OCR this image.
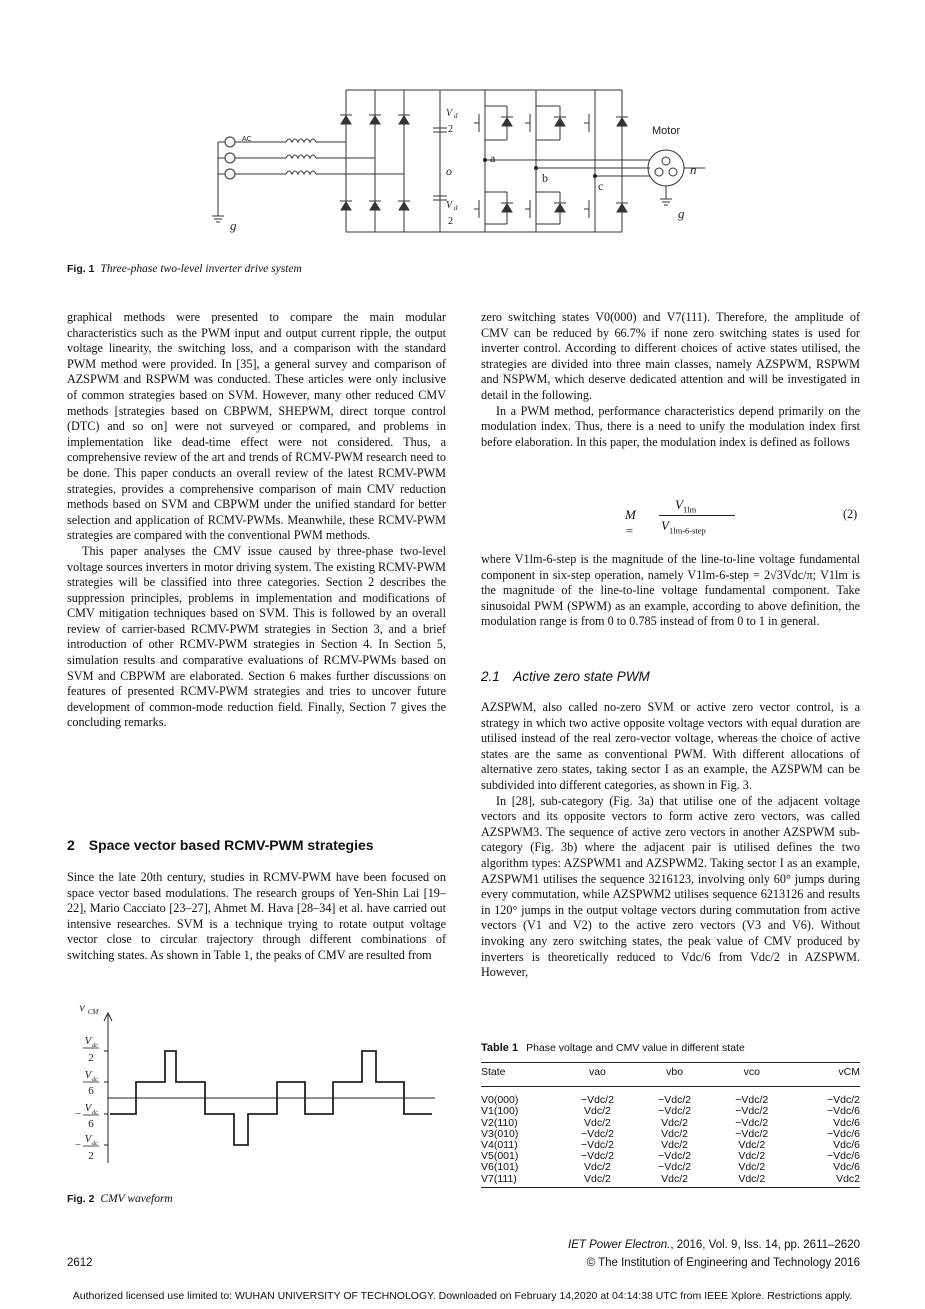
AC
g
o
a
b
c
n
Motor
g
V d
2
V d
2
Fig. 1 Three-phase two-level inverter drive system

graphical methods were presented to compare the main modular characteristics such as the PWM input and output current ripple, the output voltage linearity, the switching loss, and a comparison with the standard PWM method were provided. In [35], a general survey and comparison of AZSPWM and RSPWM was conducted. These articles were only inclusive of common strategies based on SVM. However, many other reduced CMV methods [strategies based on CBPWM, SHEPWM, direct torque control (DTC) and so on] were not surveyed or compared, and problems in implementation like dead-time effect were not considered. Thus, a comprehensive review of the art and trends of RCMV-PWM research need to be done. This paper conducts an overall review of the latest RCMV-PWM strategies, provides a comprehensive comparison of main CMV reduction methods based on SVM and CBPWM under the unified standard for better selection and application of RCMV-PWMs. Meanwhile, these RCMV-PWM strategies are compared with the conventional PWM methods.

This paper analyses the CMV issue caused by three-phase two-level voltage sources inverters in motor driving system. The existing RCMV-PWM strategies will be classified into three categories. Section 2 describes the suppression principles, problems in implementation and modifications of CMV mitigation techniques based on SVM. This is followed by an overall review of carrier-based RCMV-PWM strategies in Section 3, and a brief introduction of other RCMV-PWM strategies in Section 4. In Section 5, simulation results and comparative evaluations of RCMV-PWMs based on SVM and CBPWM are elaborated. Section 6 makes further discussions on features of presented RCMV-PWM strategies and tries to uncover future development of common-mode reduction field. Finally, Section 7 gives the concluding remarks.

2 Space vector based RCMV-PWM strategies

Since the late 20th century, studies in RCMV-PWM have been focused on space vector based modulations. The research groups of Yen-Shin Lai [19–22], Mario Cacciato [23–27], Ahmet M. Hava [28–34] et al. have carried out intensive researches. SVM is a technique trying to rotate output voltage vector close to circular trajectory through different combinations of switching states. As shown in Table 1, the peaks of CMV are resulted from

v CM
V dc
2
V dc
6
− V dc
6
− V dc
2
Fig. 2 CMV waveform

zero switching states V0(000) and V7(111). Therefore, the amplitude of CMV can be reduced by 66.7% if none zero switching states is used for inverter control. According to different choices of active states utilised, the strategies are divided into three main classes, namely AZSPWM, RSPWM and NSPWM, which deserve dedicated attention and will be investigated in detail in the following.

In a PWM method, performance characteristics depend primarily on the modulation index. Thus, there is a need to unify the modulation index first before elaboration. In this paper, the modulation index is defined as follows

M =
$V_{1lm}$
$V_{1lm-6-step}$
(2)

where V1lm-6-step is the magnitude of the line-to-line voltage fundamental component in six-step operation, namely V1lm-6-step = 2√3Vdc/π; V1lm is the magnitude of the line-to-line voltage fundamental component. Take sinusoidal PWM (SPWM) as an example, according to above definition, the modulation range is from 0 to 0.785 instead of from 0 to 1 in general.

2.1 Active zero state PWM

AZSPWM, also called no-zero SVM or active zero vector control, is a strategy in which two active opposite voltage vectors with equal duration are utilised instead of the real zero-vector voltage, whereas the choice of active states are the same as conventional PWM. With different allocations of alternative zero states, taking sector I as an example, the AZSPWM can be subdivided into different categories, as shown in Fig. 3.

In [28], sub-category (Fig. 3a) that utilise one of the adjacent voltage vectors and its opposite vectors to form active zero vectors, was called AZSPWM3. The sequence of active zero vectors in another AZSPWM sub-category (Fig. 3b) where the adjacent pair is utilised defines the two algorithm types: AZSPWM1 and AZSPWM2. Taking sector I as an example, AZSPWM1 utilises the sequence 3216123, involving only 60° jumps during every commutation, while AZSPWM2 utilises sequence 6213126 and results in 120° jumps in the output voltage vectors during commutation from active vectors (V1 and V2) to the active zero vectors (V3 and V6). Without invoking any zero switching states, the peak value of CMV produced by inverters is theoretically reduced to Vdc/6 from Vdc/2 in AZSPWM. However,

Table 1 Phase voltage and CMV value in different state
State	vao	vbo	vco	vCM
V0(000)	−Vdc/2	−Vdc/2	−Vdc/2	−Vdc/2
V1(100)	Vdc/2	−Vdc/2	−Vdc/2	−Vdc/6
V2(110)	Vdc/2	Vdc/2	−Vdc/2	Vdc/6
V3(010)	−Vdc/2	Vdc/2	−Vdc/2	−Vdc/6
V4(011)	−Vdc/2	Vdc/2	Vdc/2	Vdc/6
V5(001)	−Vdc/2	−Vdc/2	Vdc/2	−Vdc/6
V6(101)	Vdc/2	−Vdc/2	Vdc/2	Vdc/6
V7(111)	Vdc/2	Vdc/2	Vdc/2	Vdc2
IET Power Electron., 2016, Vol. 9, Iss. 14, pp. 2611–2620
2612	© The Institution of Engineering and Technology 2016
Authorized licensed use limited to: WUHAN UNIVERSITY OF TECHNOLOGY. Downloaded on February 14,2020 at 04:14:38 UTC from IEEE Xplore. Restrictions apply.
